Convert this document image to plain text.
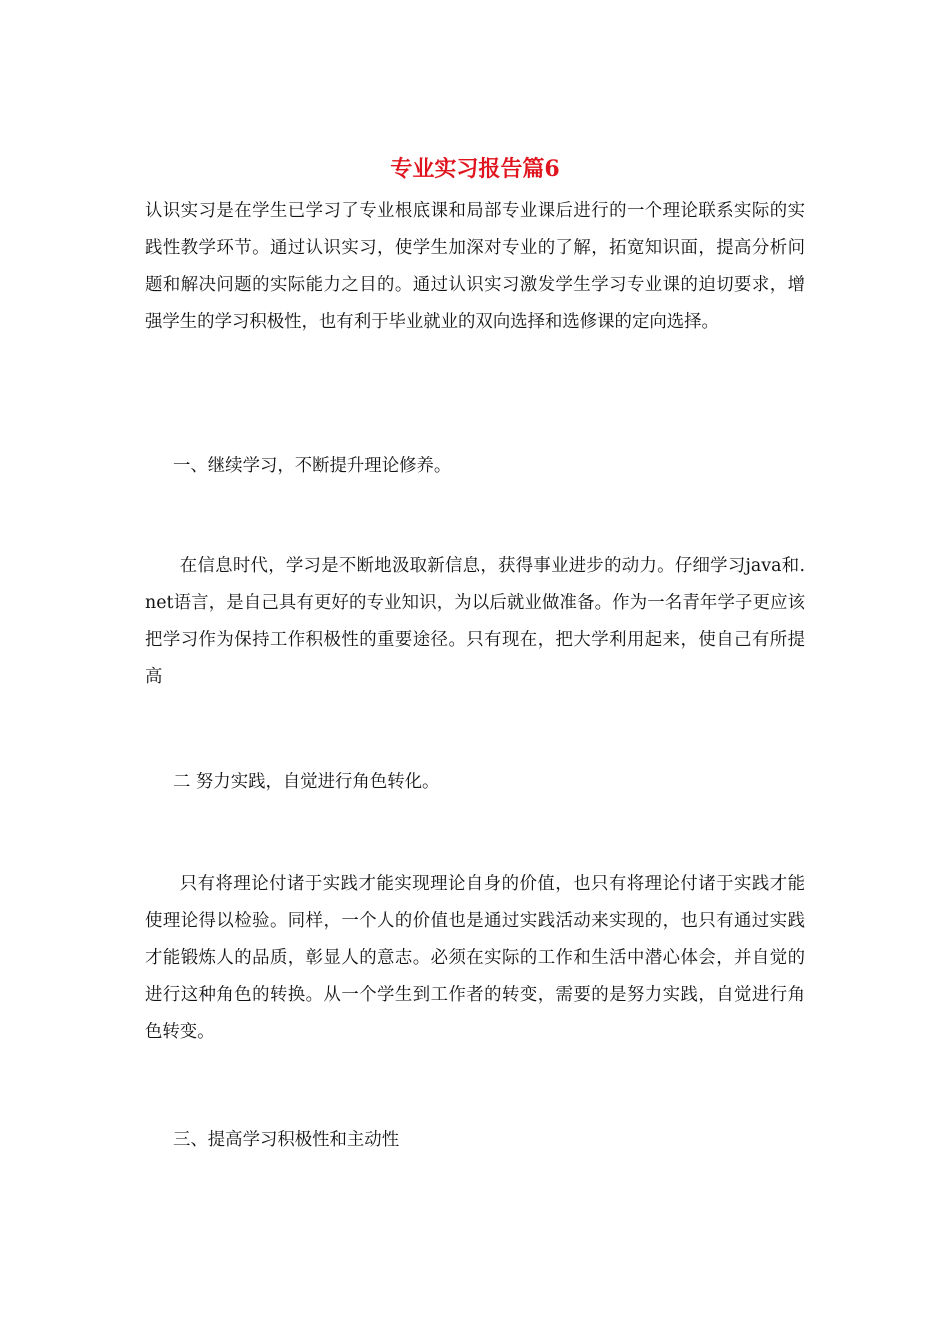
专业实习报告篇6

认识实习是在学生已学习了专业根底课和局部专业课后进行的一个理论联系实际的实践性教学环节。通过认识实习，使学生加深对专业的了解，拓宽知识面，提高分析问题和解决问题的实际能力之目的。通过认识实习激发学生学习专业课的迫切要求，增强学生的学习积极性，也有利于毕业就业的双向选择和选修课的定向选择。

一、继续学习，不断提升理论修养。

在信息时代，学习是不断地汲取新信息，获得事业进步的动力。仔细学习java和.net语言，是自己具有更好的专业知识，为以后就业做准备。作为一名青年学子更应该把学习作为保持工作积极性的重要途径。只有现在，把大学利用起来，使自己有所提高

二 努力实践，自觉进行角色转化。

只有将理论付诸于实践才能实现理论自身的价值，也只有将理论付诸于实践才能使理论得以检验。同样，一个人的价值也是通过实践活动来实现的，也只有通过实践才能锻炼人的品质，彰显人的意志。必须在实际的工作和生活中潜心体会，并自觉的进行这种角色的转换。从一个学生到工作者的转变，需要的是努力实践，自觉进行角色转变。

三、提高学习积极性和主动性
